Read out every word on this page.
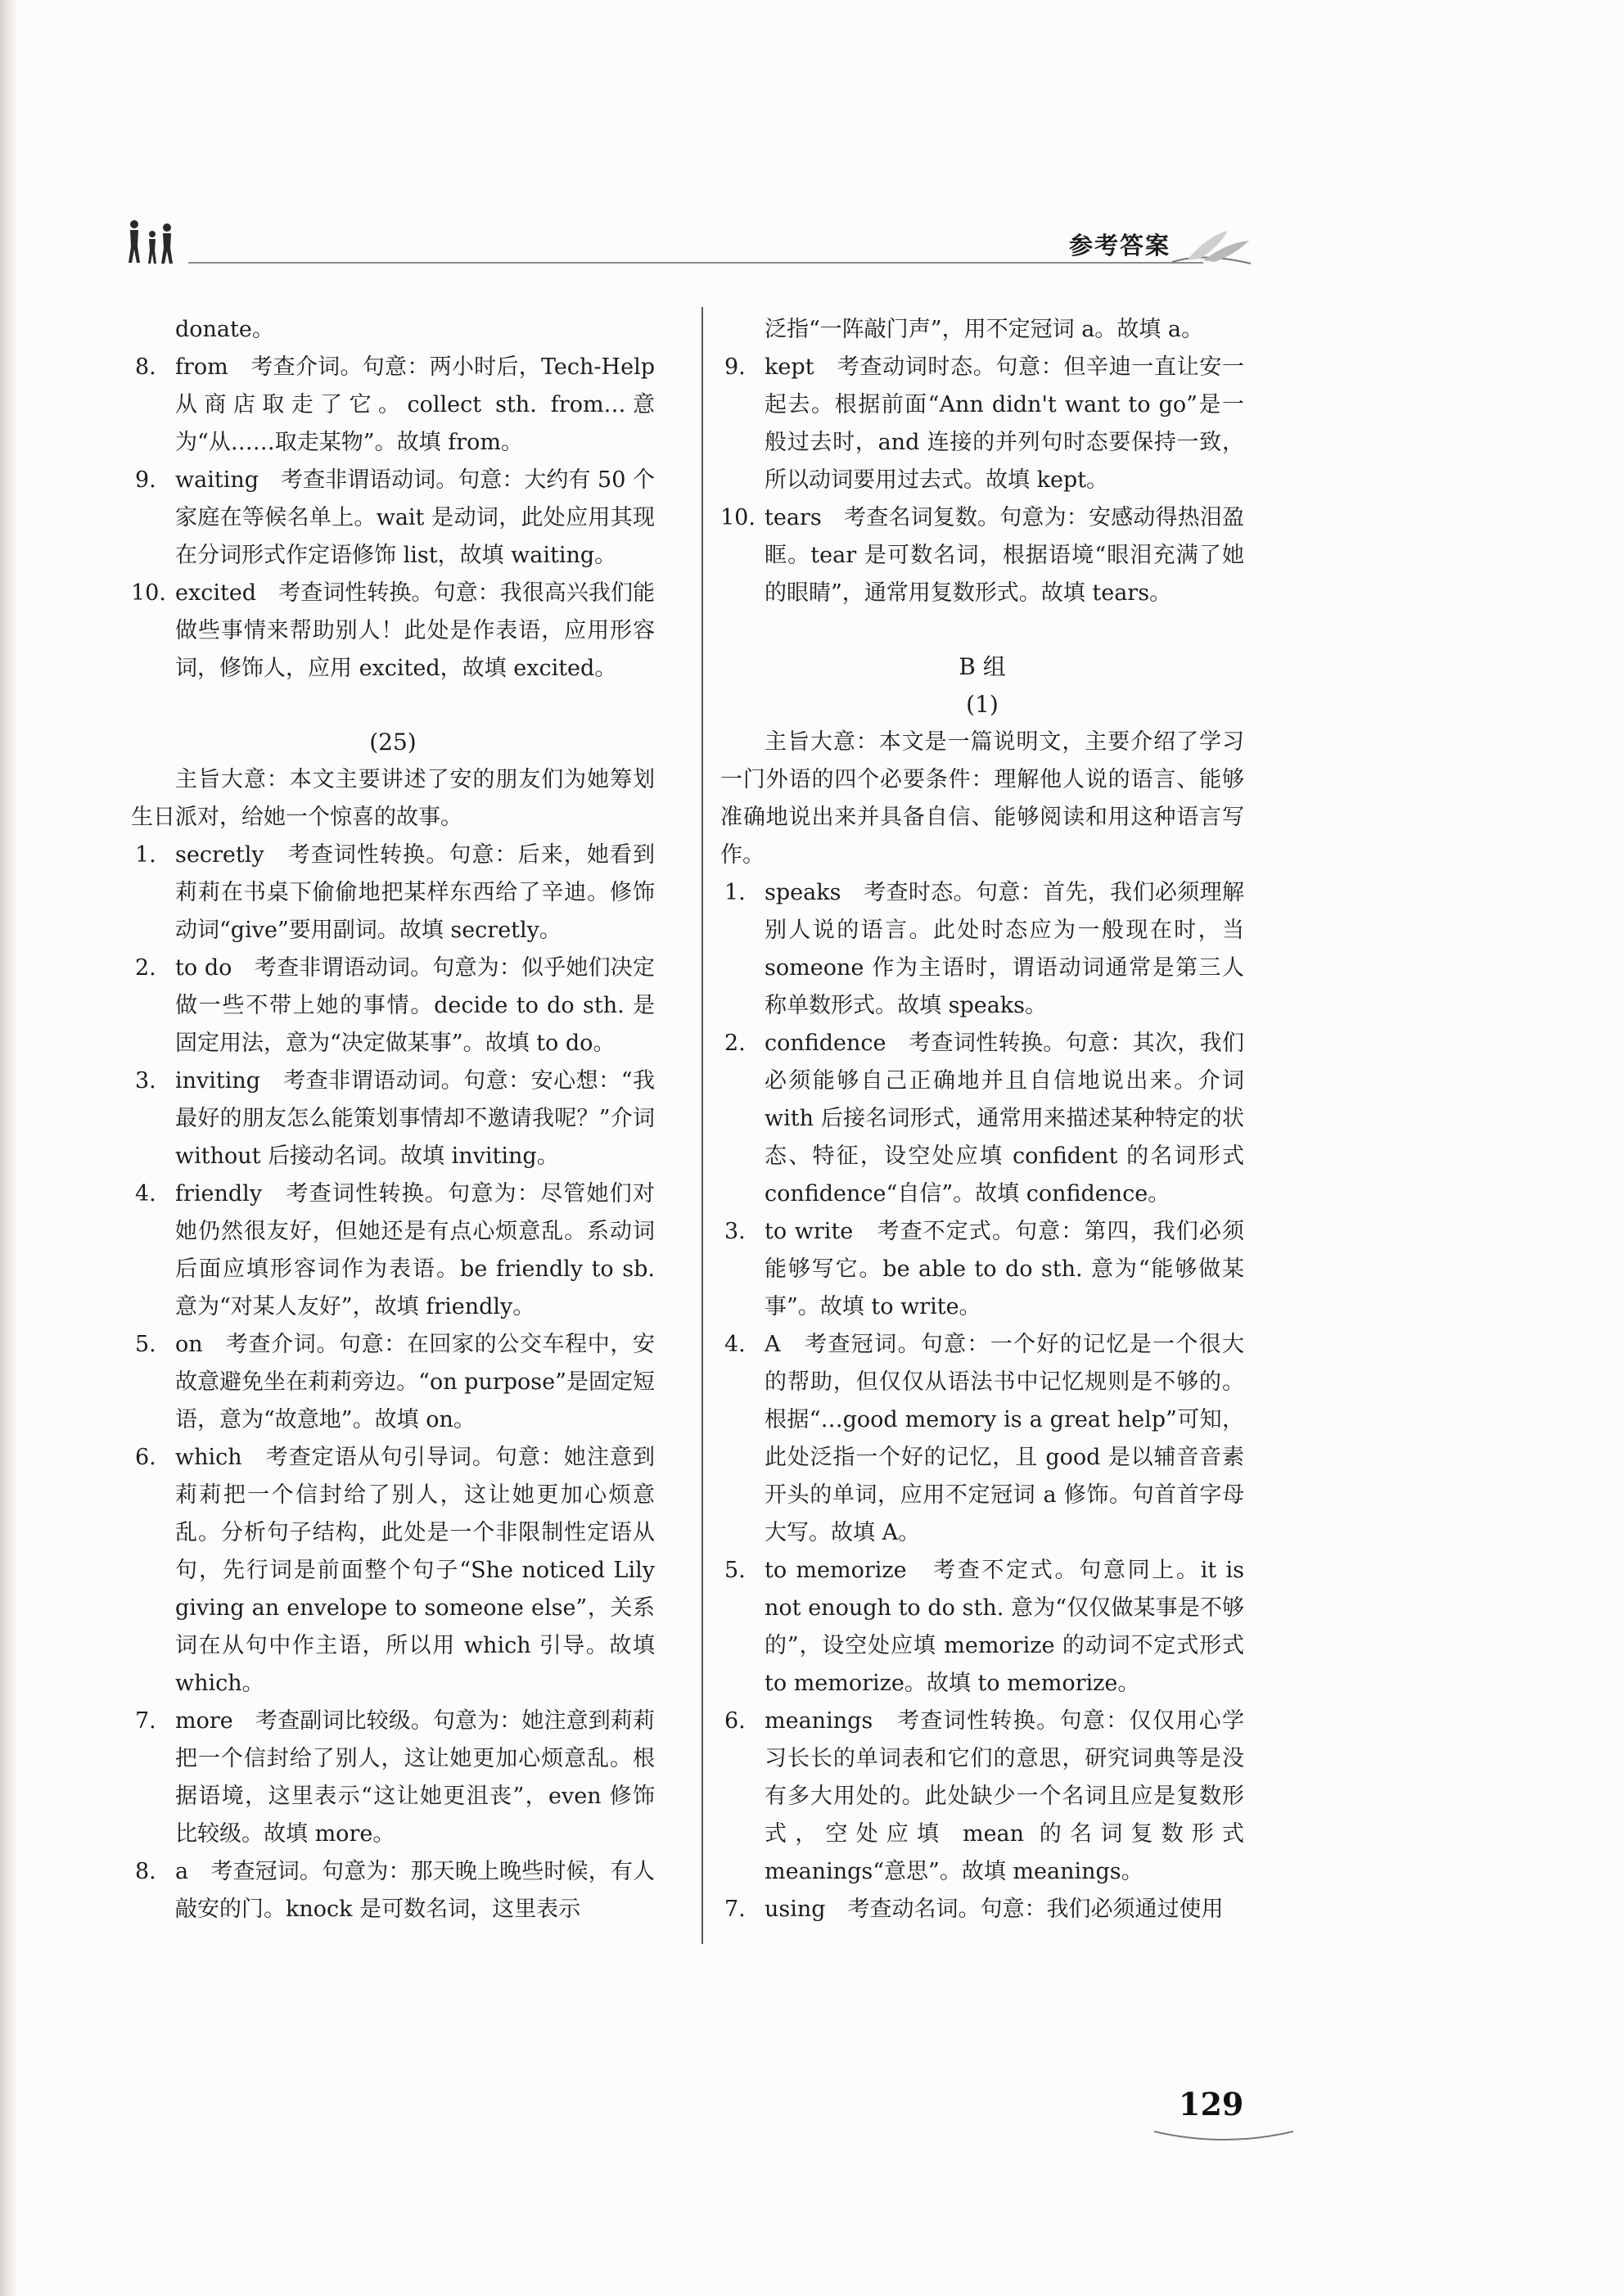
参考答案
donate。
8. from　考查介词。句意：两小时后，Tech-Help从商店取走了它。collect sth. from…意为“从……取走某物”。故填 from。
9. waiting　考查非谓语动词。句意：大约有 50 个家庭在等候名单上。wait 是动词，此处应用其现在分词形式作定语修饰 list，故填 waiting。
10. excited　考查词性转换。句意：我很高兴我们能做些事情来帮助别人！此处是作表语，应用形容词，修饰人，应用 excited，故填 excited。
(25)
主旨大意：本文主要讲述了安的朋友们为她筹划生日派对，给她一个惊喜的故事。
1. secretly　考查词性转换。句意：后来，她看到莉莉在书桌下偷偷地把某样东西给了辛迪。修饰动词“give”要用副词。故填 secretly。
2. to do　考查非谓语动词。句意为：似乎她们决定做一些不带上她的事情。decide to do sth. 是固定用法，意为“决定做某事”。故填 to do。
3. inviting　考查非谓语动词。句意：安心想：“我最好的朋友怎么能策划事情却不邀请我呢？”介词 without 后接动名词。故填 inviting。
4. friendly　考查词性转换。句意为：尽管她们对她仍然很友好，但她还是有点心烦意乱。系动词后面应填形容词作为表语。be friendly to sb. 意为“对某人友好”，故填 friendly。
5. on　考查介词。句意：在回家的公交车程中，安故意避免坐在莉莉旁边。“on purpose”是固定短语，意为“故意地”。故填 on。
6. which　考查定语从句引导词。句意：她注意到莉莉把一个信封给了别人，这让她更加心烦意乱。分析句子结构，此处是一个非限制性定语从句，先行词是前面整个句子“She noticed Lily giving an envelope to someone else”，关系词在从句中作主语，所以用 which 引导。故填 which。
7. more　考查副词比较级。句意为：她注意到莉莉把一个信封给了别人，这让她更加心烦意乱。根据语境，这里表示“这让她更沮丧”，even 修饰比较级。故填 more。
8. a　考查冠词。句意为：那天晚上晚些时候，有人敲安的门。knock 是可数名词，这里表示
泛指“一阵敲门声”，用不定冠词 a。故填 a。
9. kept　考查动词时态。句意：但辛迪一直让安一起去。根据前面“Ann didn't want to go”是一般过去时，and 连接的并列句时态要保持一致，所以动词要用过去式。故填 kept。
10. tears　考查名词复数。句意为：安感动得热泪盈眶。tear 是可数名词，根据语境“眼泪充满了她的眼睛”，通常用复数形式。故填 tears。
B 组
(1)
主旨大意：本文是一篇说明文，主要介绍了学习一门外语的四个必要条件：理解他人说的语言、能够准确地说出来并具备自信、能够阅读和用这种语言写作。
1. speaks　考查时态。句意：首先，我们必须理解别人说的语言。此处时态应为一般现在时，当 someone 作为主语时，谓语动词通常是第三人称单数形式。故填 speaks。
2. confidence　考查词性转换。句意：其次，我们必须能够自己正确地并且自信地说出来。介词 with 后接名词形式，通常用来描述某种特定的状态、特征，设空处应填 confident 的名词形式 confidence“自信”。故填 confidence。
3. to write　考查不定式。句意：第四，我们必须能够写它。be able to do sth. 意为“能够做某事”。故填 to write。
4. A　考查冠词。句意：一个好的记忆是一个很大的帮助，但仅仅从语法书中记忆规则是不够的。根据“…good memory is a great help”可知，此处泛指一个好的记忆，且 good 是以辅音音素开头的单词，应用不定冠词 a 修饰。句首首字母大写。故填 A。
5. to memorize　考查不定式。句意同上。it is not enough to do sth. 意为“仅仅做某事是不够的”，设空处应填 memorize 的动词不定式形式 to memorize。故填 to memorize。
6. meanings　考查词性转换。句意：仅仅用心学习长长的单词表和它们的意思，研究词典等是没有多大用处的。此处缺少一个名词且应是复数形式，空处应填 mean 的名词复数形式 meanings“意思”。故填 meanings。
7. using　考查动名词。句意：我们必须通过使用
129
